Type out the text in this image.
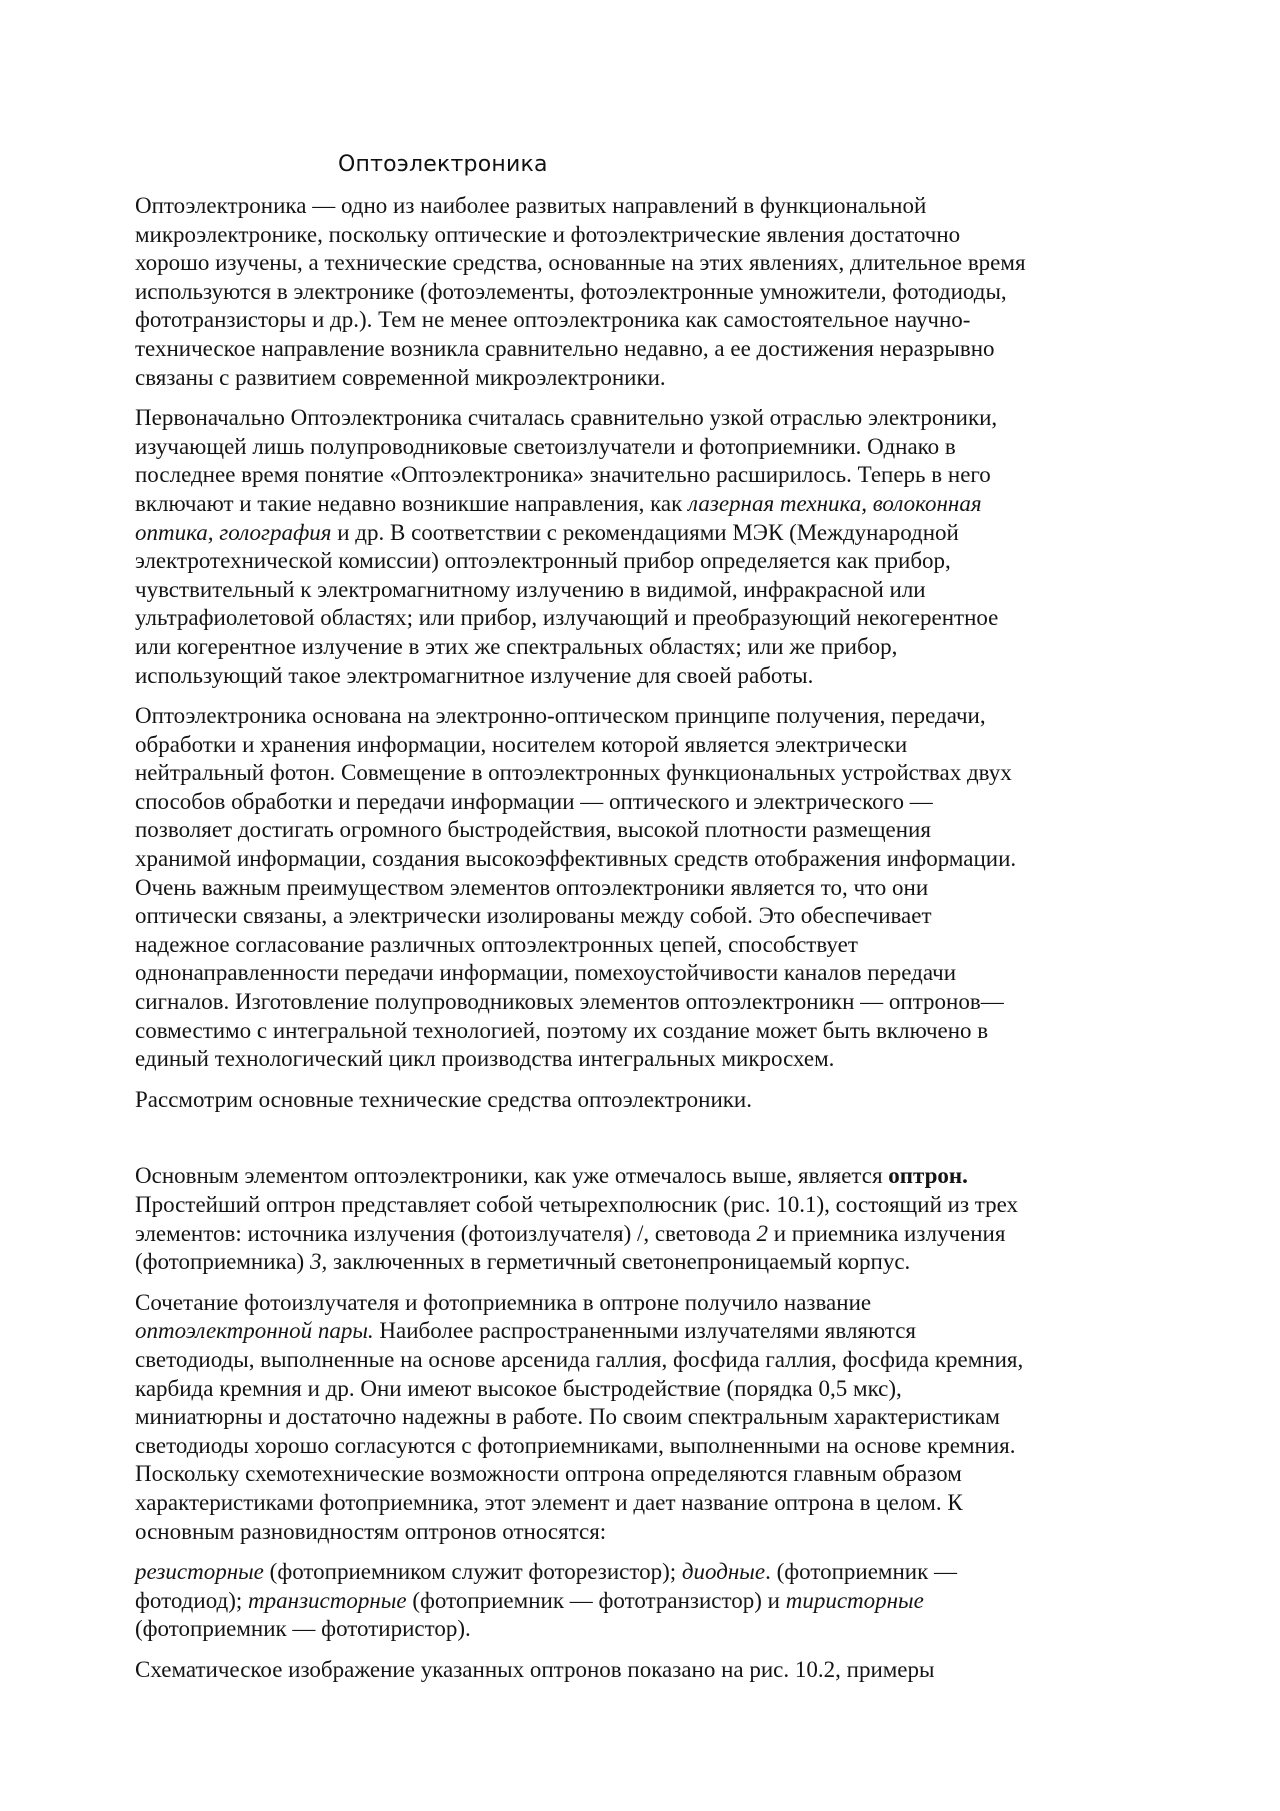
Оптоэлектроника

Оптоэлектроника — одно из наиболее развитых направлений в функциональной
микроэлектронике, поскольку оптические и фотоэлектрические явления достаточно
хорошо изучены, а технические средства, основанные на этих явлениях, длительное время
используются в электронике (фотоэлементы, фотоэлектронные умножители, фотодиоды,
фототранзисторы и др.). Тем не менее оптоэлектроника как самостоятельное научно-
техническое направление возникла сравнительно недавно, а ее достижения неразрывно
связаны с развитием современной микроэлектроники.

Первоначально Оптоэлектроника считалась сравнительно узкой отраслью электроники,
изучающей лишь полупроводниковые светоизлучатели и фотоприемники. Однако в
последнее время понятие «Оптоэлектроника» значительно расширилось. Теперь в него
включают и такие недавно возникшие направления, как лазерная техника, волоконная
оптика, голография и др. В соответствии с рекомендациями МЭК (Международной
электротехнической комиссии) оптоэлектронный прибор определяется как прибор,
чувствительный к электромагнитному излучению в видимой, инфракрасной или
ультрафиолетовой областях; или прибор, излучающий и преобразующий некогерентное
или когерентное излучение в этих же спектральных областях; или же прибор,
использующий такое электромагнитное излучение для своей работы.

Оптоэлектроника основана на электронно-оптическом принципе получения, передачи,
обработки и хранения информации, носителем которой является электрически
нейтральный фотон. Совмещение в оптоэлектронных функциональных устройствах двух
способов обработки и передачи информации — оптического и электрического —
позволяет достигать огромного быстродействия, высокой плотности размещения
хранимой информации, создания высокоэффективных средств отображения информации.
Очень важным преимуществом элементов оптоэлектроники является то, что они
оптически связаны, а электрически изолированы между собой. Это обеспечивает
надежное согласование различных оптоэлектронных цепей, способствует
однонаправленности передачи информации, помехоустойчивости каналов передачи
сигналов. Изготовление полупроводниковых элементов оптоэлектроникн — оптронов—
совместимо с интегральной технологией, поэтому их создание может быть включено в
единый технологический цикл производства интегральных микросхем.

Рассмотрим основные технические средства оптоэлектроники.

Основным элементом оптоэлектроники, как уже отмечалось выше, является оптрон.
Простейший оптрон представляет собой четырехполюсник (рис. 10.1), состоящий из трех
элементов: источника излучения (фотоизлучателя) /, световода 2 и приемника излучения
(фотоприемника) 3, заключенных в герметичный светонепроницаемый корпус.

Сочетание фотоизлучателя и фотоприемника в оптроне получило название
оптоэлектронной пары. Наиболее распространенными излучателями являются
светодиоды, выполненные на основе арсенида галлия, фосфида галлия, фосфида кремния,
карбида кремния и др. Они имеют высокое быстродействие (порядка 0,5 мкс),
миниатюрны и достаточно надежны в работе. По своим спектральным характеристикам
светодиоды хорошо согласуются с фотоприемниками, выполненными на основе кремния.
Поскольку схемотехнические возможности оптрона определяются главным образом
характеристиками фотоприемника, этот элемент и дает название оптрона в целом. К
основным разновидностям оптронов относятся:

резисторные (фотоприемником служит фоторезистор); диодные. (фотоприемник —
фотодиод); транзисторные (фотоприемник — фототранзистор) и тиристорные
(фотоприемник — фототиристор).

Схематическое изображение указанных оптронов показано на рис. 10.2, примеры
